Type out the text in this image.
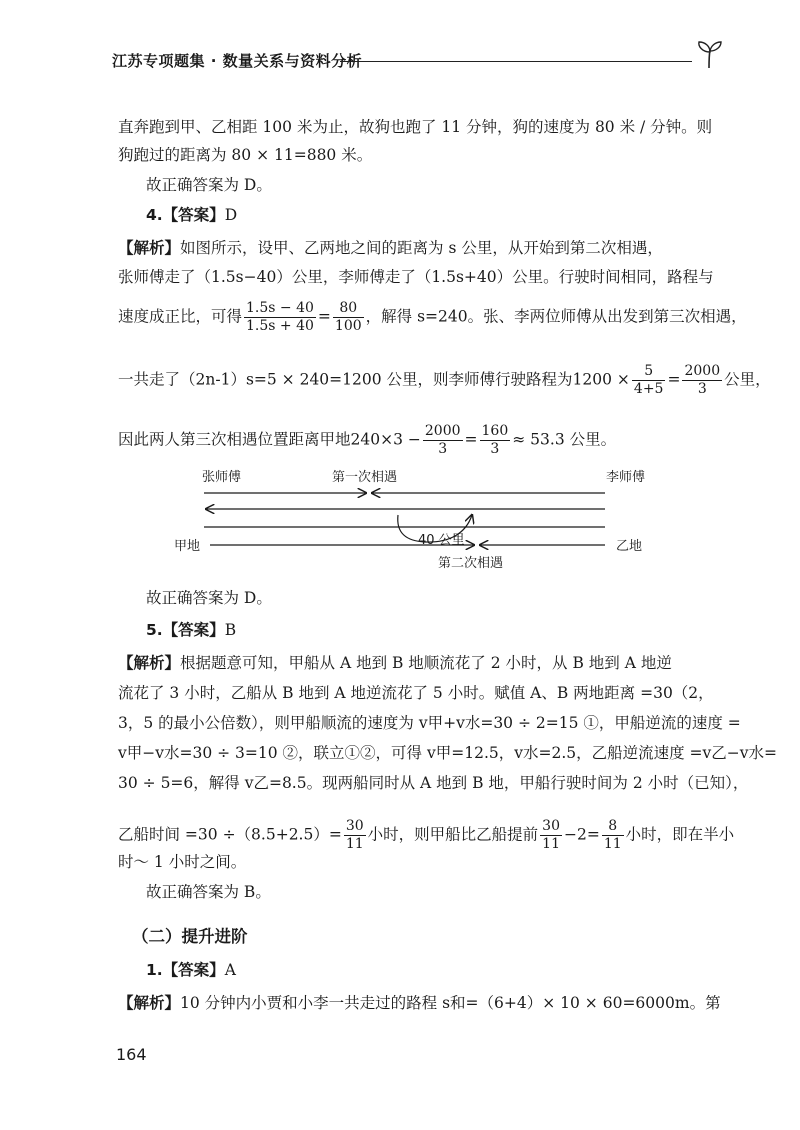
江苏专项题集 · 数量关系与资料分析
直奔跑到甲、乙相距 100 米为止，故狗也跑了 11 分钟，狗的速度为 80 米 / 分钟。则
狗跑过的距离为 80 × 11=880 米。
故正确答案为 D。
4.【答案】D
【解析】如图所示，设甲、乙两地之间的距离为 s 公里，从开始到第二次相遇，
张师傅走了（1.5s−40）公里，李师傅走了（1.5s+40）公里。行驶时间相同，路程与
速度成正比，可得 $\frac{1.5s - 40}{1.5s + 40} = \frac{80}{100}$ ，解得 s=240。张、李两位师傅从出发到第三次相遇，
一共走了（2n-1）s=5 × 240=1200 公里，则李师傅行驶路程为$1200 \times \frac{5}{4+5} = \frac{2000}{3}$ 公里，
因此两人第三次相遇位置距离甲地$240\times 3 - \frac{2000}{3} = \frac{160}{3} \approx 53.3$ 公里。
张师傅	第一次相遇	李师傅
40 公里
甲地	乙地
第二次相遇
故正确答案为 D。
5.【答案】B
【解析】根据题意可知，甲船从 A 地到 B 地顺流花了 2 小时，从 B 地到 A 地逆
流花了 3 小时，乙船从 B 地到 A 地逆流花了 5 小时。赋值 A、B 两地距离 =30（2，
3，5 的最小公倍数），则甲船顺流的速度为 v甲+v水=30 ÷ 2=15 ①，甲船逆流的速度 =
v甲−v水=30 ÷ 3=10 ②，联立①②，可得 v甲=12.5，v水=2.5，乙船逆流速度 =v乙−v水=
30 ÷ 5=6，解得 v乙=8.5。现两船同时从 A 地到 B 地，甲船行驶时间为 2 小时（已知），
乙船时间 $=30 \div(8.5+2.5)= \frac{30}{11}$ 小时，则甲船比乙船提前 $\frac{30}{11} -2= \frac{8}{11}$ 小时，即在半小
时～ 1 小时之间。
故正确答案为 B。
（二）提升进阶
1.【答案】A
【解析】10 分钟内小贾和小李一共走过的路程 s和=（6+4）× 10 × 60=6000m。第
164
